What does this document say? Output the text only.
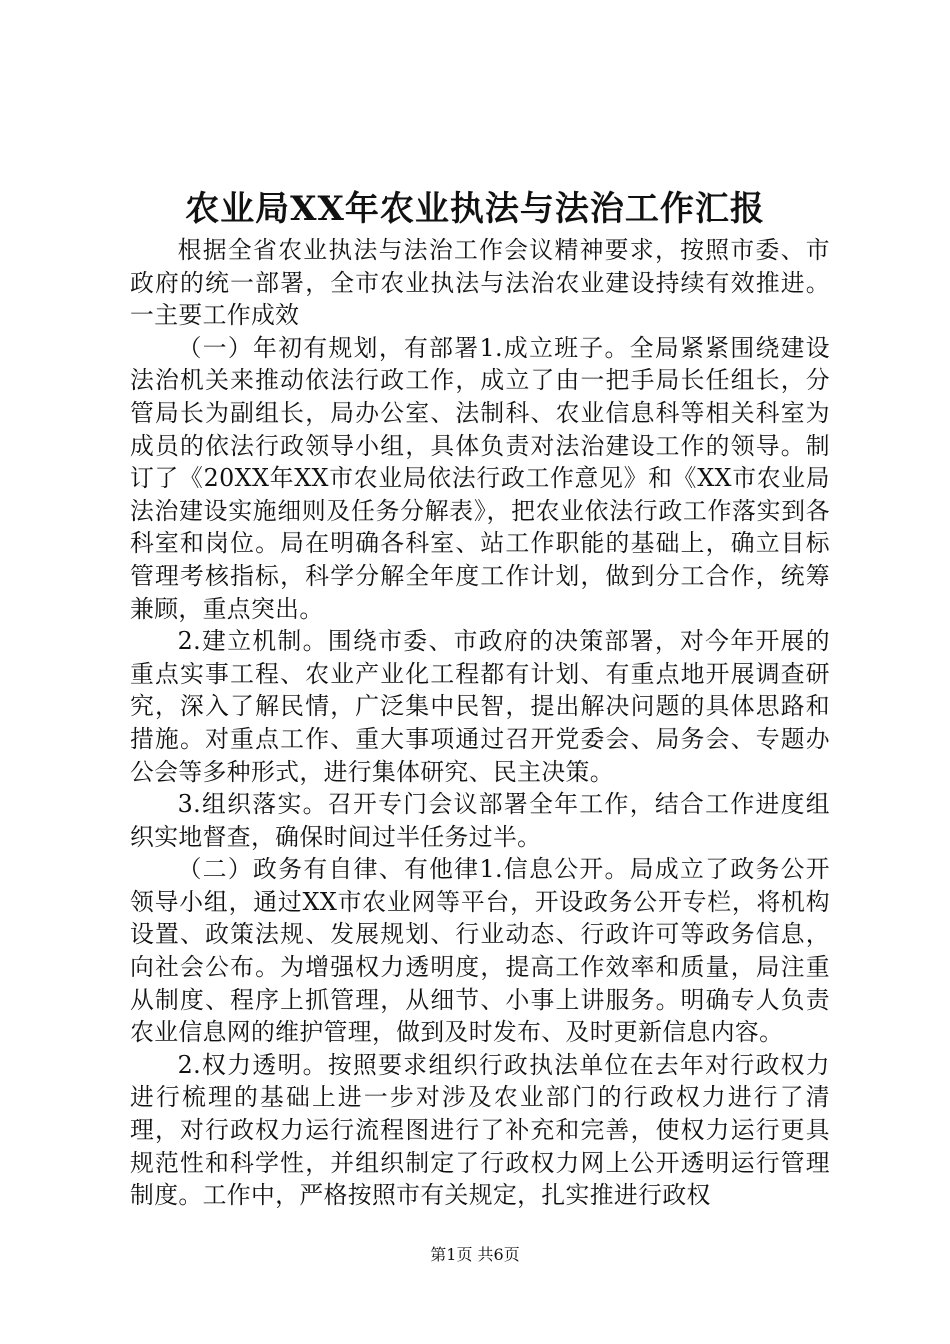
农业局XX年农业执法与法治工作汇报

根据全省农业执法与法治工作会议精神要求，按照市委、市政府的统一部署，全市农业执法与法治农业建设持续有效推进。一主要工作成效

（一）年初有规划，有部署1.成立班子。全局紧紧围绕建设法治机关来推动依法行政工作，成立了由一把手局长任组长，分管局长为副组长，局办公室、法制科、农业信息科等相关科室为成员的依法行政领导小组，具体负责对法治建设工作的领导。制订了《20XX年XX市农业局依法行政工作意见》和《XX市农业局法治建设实施细则及任务分解表》，把农业依法行政工作落实到各科室和岗位。局在明确各科室、站工作职能的基础上，确立目标管理考核指标，科学分解全年度工作计划，做到分工合作，统筹兼顾，重点突出。

2.建立机制。围绕市委、市政府的决策部署，对今年开展的重点实事工程、农业产业化工程都有计划、有重点地开展调查研究，深入了解民情，广泛集中民智，提出解决问题的具体思路和措施。对重点工作、重大事项通过召开党委会、局务会、专题办公会等多种形式，进行集体研究、民主决策。

3.组织落实。召开专门会议部署全年工作，结合工作进度组织实地督查，确保时间过半任务过半。

（二）政务有自律、有他律1.信息公开。局成立了政务公开领导小组，通过XX市农业网等平台，开设政务公开专栏，将机构设置、政策法规、发展规划、行业动态、行政许可等政务信息，向社会公布。为增强权力透明度，提高工作效率和质量，局注重从制度、程序上抓管理，从细节、小事上讲服务。明确专人负责农业信息网的维护管理，做到及时发布、及时更新信息内容。

2.权力透明。按照要求组织行政执法单位在去年对行政权力进行梳理的基础上进一步对涉及农业部门的行政权力进行了清理，对行政权力运行流程图进行了补充和完善，使权力运行更具规范性和科学性，并组织制定了行政权力网上公开透明运行管理制度。工作中，严格按照市有关规定，扎实推进行政权

第1页 共6页
